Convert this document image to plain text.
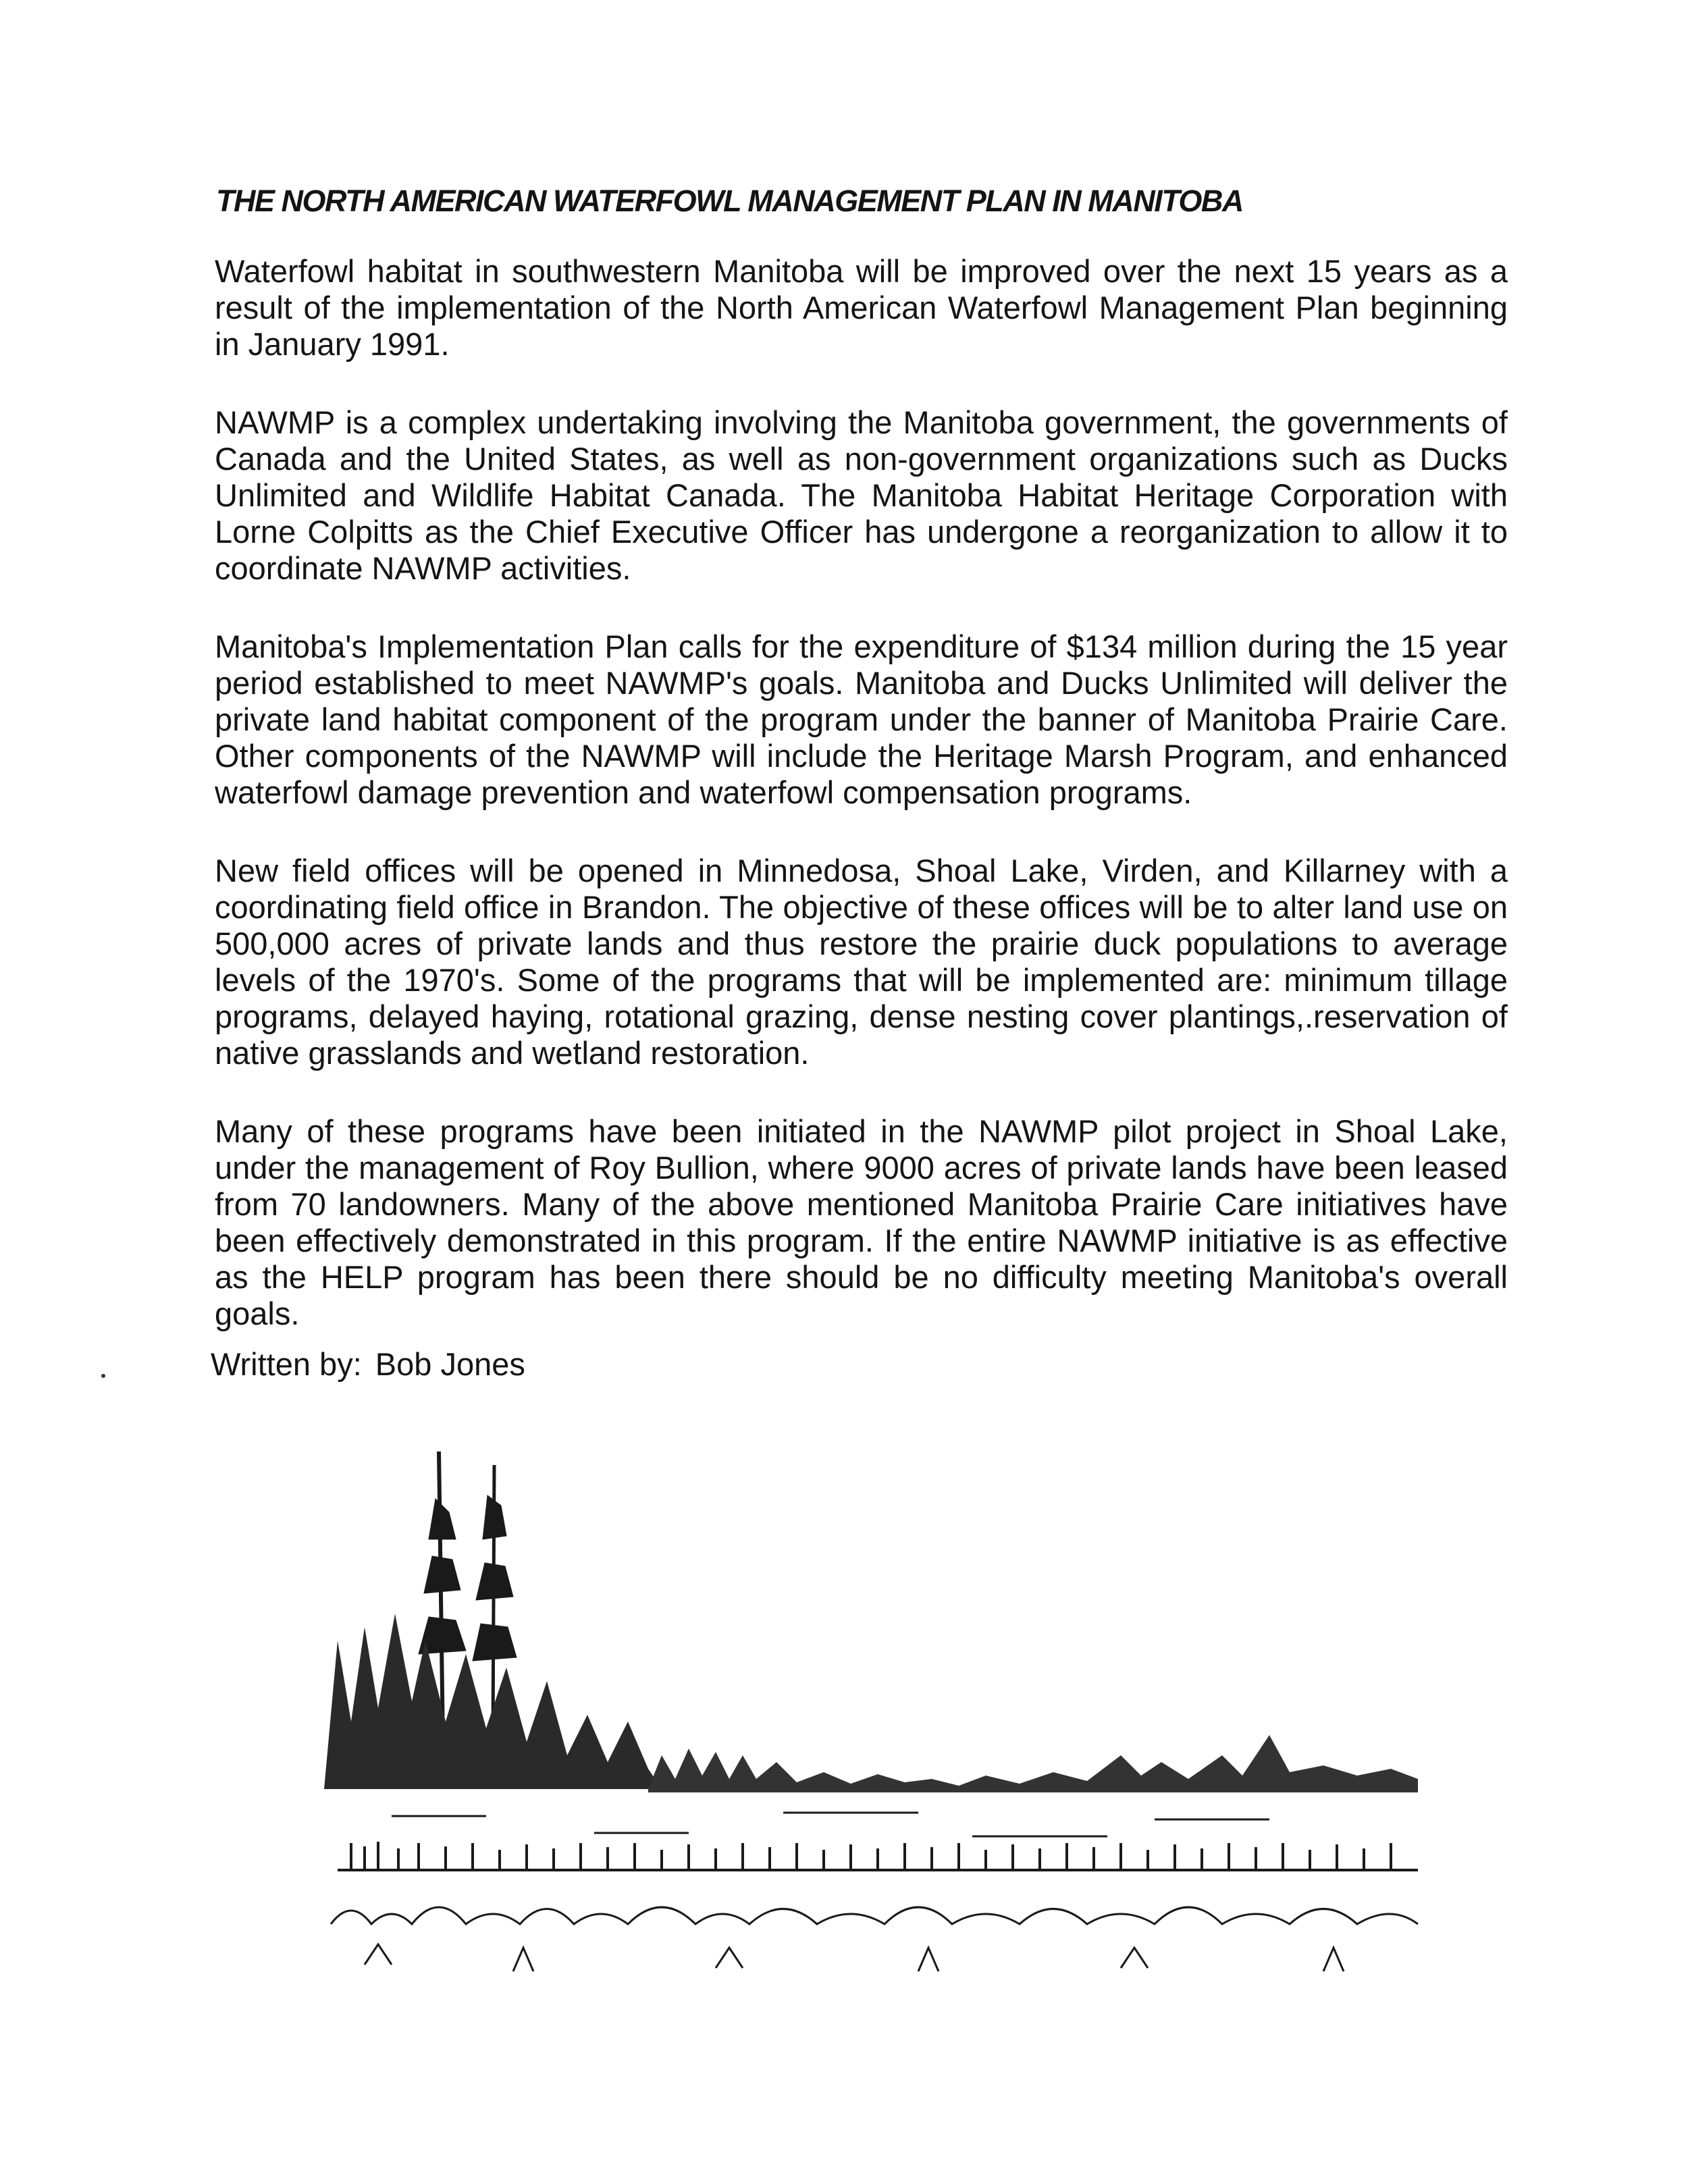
THE NORTH AMERICAN WATERFOWL MANAGEMENT PLAN IN MANITOBA

Waterfowl habitat in southwestern Manitoba will be improved over the next 15 years as a result of the implementation of the North American Waterfowl Management Plan beginning in January 1991.

NAWMP is a complex undertaking involving the Manitoba government, the governments of Canada and the United States, as well as non-government organizations such as Ducks Unlimited and Wildlife Habitat Canada. The Manitoba Habitat Heritage Corporation with Lorne Colpitts as the Chief Executive Officer has undergone a reorganization to allow it to coordinate NAWMP activities.

Manitoba's Implementation Plan calls for the expenditure of $134 million during the 15 year period established to meet NAWMP's goals. Manitoba and Ducks Unlimited will deliver the private land habitat component of the program under the banner of Manitoba Prairie Care. Other components of the NAWMP will include the Heritage Marsh Program, and enhanced waterfowl damage prevention and waterfowl compensation programs.

New field offices will be opened in Minnedosa, Shoal Lake, Virden, and Killarney with a coordinating field office in Brandon. The objective of these offices will be to alter land use on 500,000 acres of private lands and thus restore the prairie duck populations to average levels of the 1970's. Some of the programs that will be implemented are: minimum tillage programs, delayed haying, rotational grazing, dense nesting cover plantings,.reservation of native grasslands and wetland restoration.

Many of these programs have been initiated in the NAWMP pilot project in Shoal Lake, under the management of Roy Bullion, where 9000 acres of private lands have been leased from 70 landowners. Many of the above mentioned Manitoba Prairie Care initiatives have been effectively demonstrated in this program. If the entire NAWMP initiative is as effective as the HELP program has been there should be no difficulty meeting Manitoba's overall goals.

Written by: Bob Jones
